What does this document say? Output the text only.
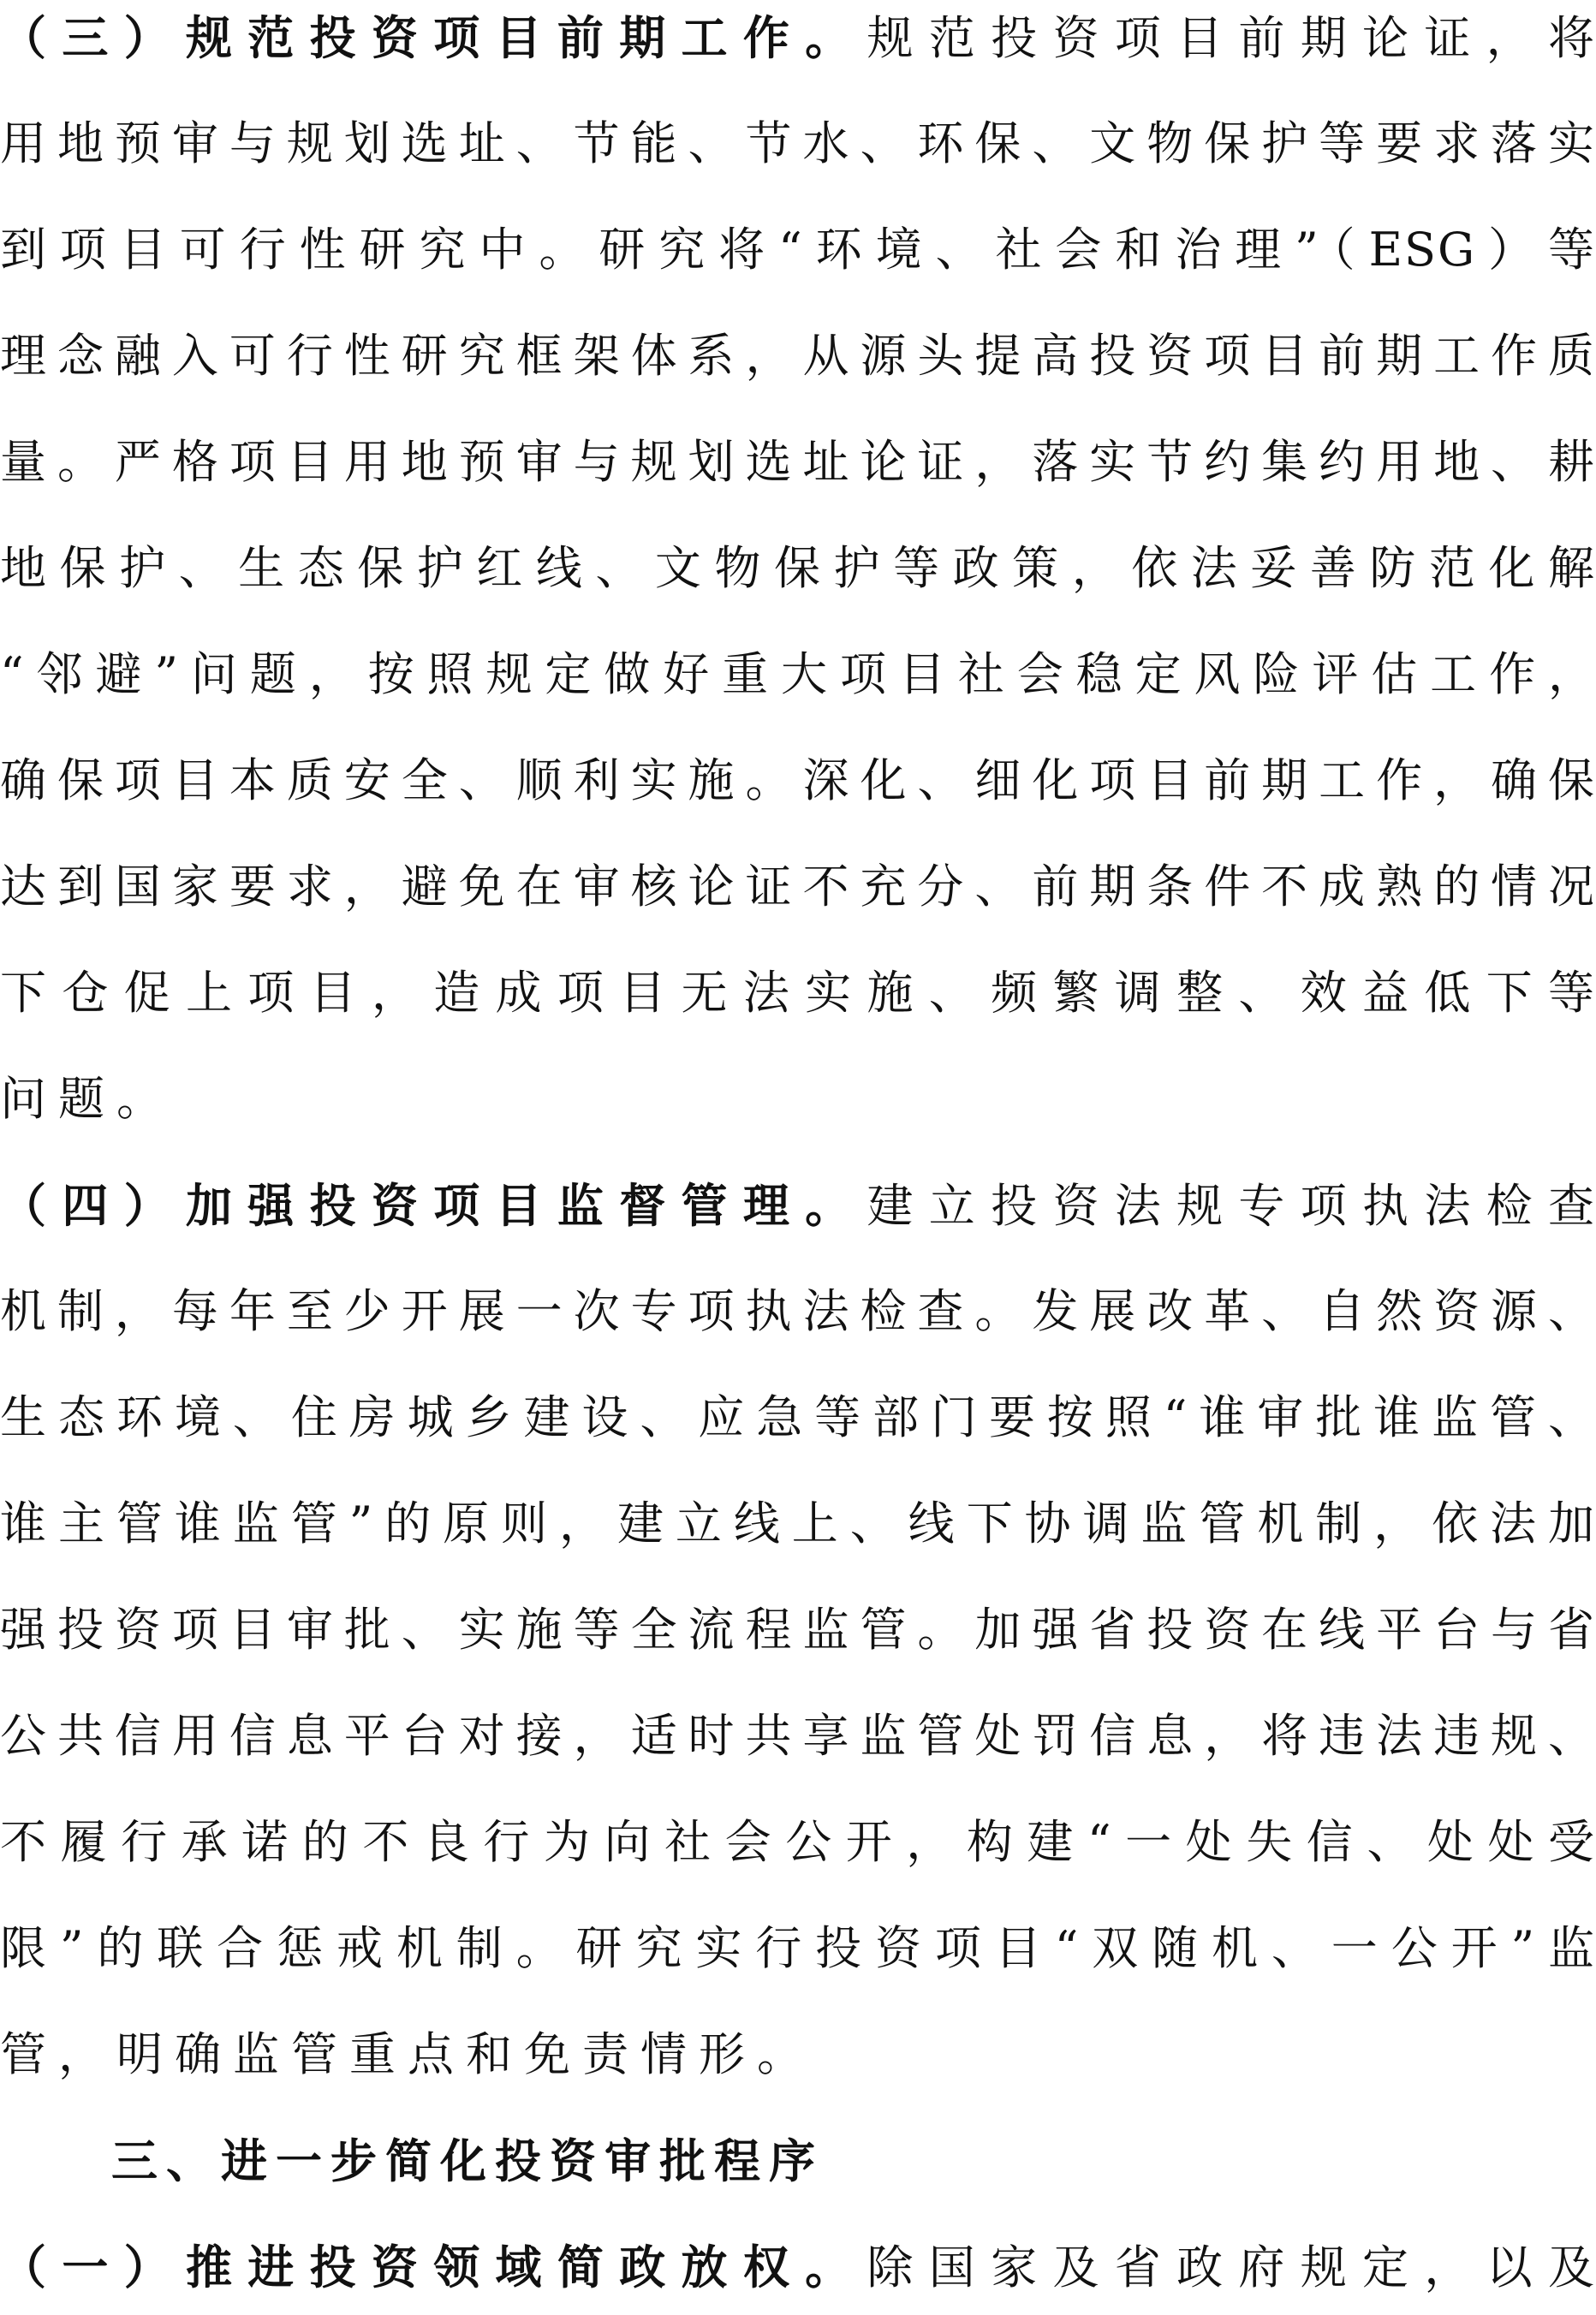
（三）规范投资项目前期工作。规范投资项目前期论证，将
用地预审与规划选址、节能、节水、环保、文物保护等要求落实
到项目可行性研究中。研究将“环境、社会和治理”（ESG）等
理念融入可行性研究框架体系，从源头提高投资项目前期工作质
量。严格项目用地预审与规划选址论证，落实节约集约用地、耕
地保护、生态保护红线、文物保护等政策，依法妥善防范化解
“邻避”问题，按照规定做好重大项目社会稳定风险评估工作，
确保项目本质安全、顺利实施。深化、细化项目前期工作，确保
达到国家要求，避免在审核论证不充分、前期条件不成熟的情况
下仓促上项目，造成项目无法实施、频繁调整、效益低下等
问题。
（四）加强投资项目监督管理。建立投资法规专项执法检查
机制，每年至少开展一次专项执法检查。发展改革、自然资源、
生态环境、住房城乡建设、应急等部门要按照“谁审批谁监管、
谁主管谁监管”的原则，建立线上、线下协调监管机制，依法加
强投资项目审批、实施等全流程监管。加强省投资在线平台与省
公共信用信息平台对接，适时共享监管处罚信息，将违法违规、
不履行承诺的不良行为向社会公开，构建“一处失信、处处受
限”的联合惩戒机制。研究实行投资项目“双随机、一公开”监
管，明确监管重点和免责情形。
三、进一步简化投资审批程序
（一）推进投资领域简政放权。除国家及省政府规定，以及
